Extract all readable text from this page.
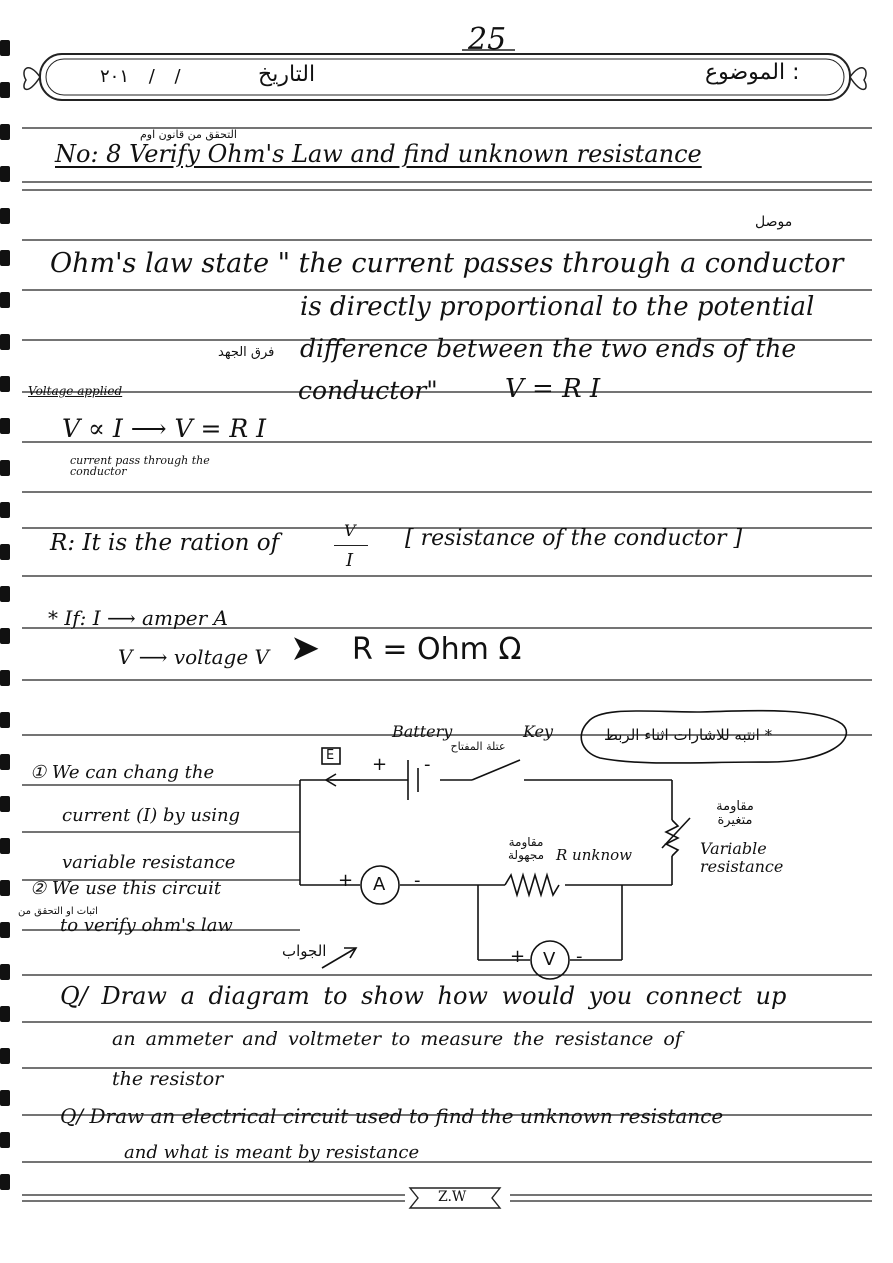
25
الموضوع :
التاريخ
٢٠١ / /
التحقق من قانون اوم
No: 8 Verify Ohm's Law and find unknown resistance
موصل
Ohm's law state " the current passes through a conductor
is directly proportional to the potential
فرق الجهد difference between the two ends of the
conductor"	V = R I
Voltage applied
V ∝ I ⟶ V = R I
current pass through the conductor
R: It is the ration of	V
I
[ resistance of the conductor ]
* If: I ⟶ amper A
V ⟶ voltage V ➤ R = Ohm Ω
E
Battery	Key
عتلة المفتاح
+ -
انتبه للاشارات اثناء الربط *
مقاومة متغيرة
Variable resistance
مقاومة مجهولة R unknow
+ A -
+ V -
① We can chang the
current (I) by using
variable resistance
② We use this circuit
اثبات او التحقق من
to verify ohm's law
الجواب
Q/ Draw a diagram to show how would you connect up
an ammeter and voltmeter to measure the resistance of
the resistor
Q/ Draw an electrical circuit used to find the unknown resistance
and what is meant by resistance
Z.W
